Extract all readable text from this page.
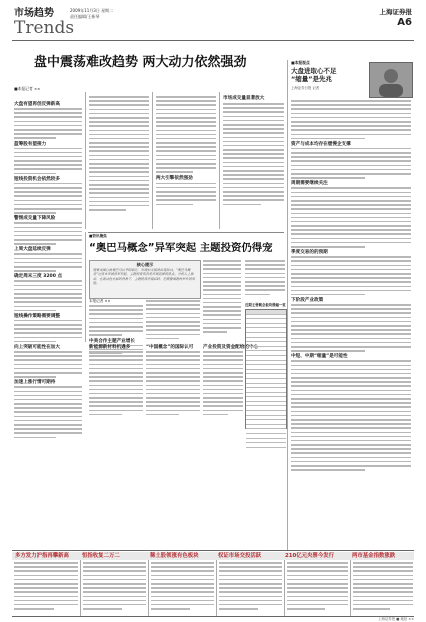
市场趋势	2009年11月3日 星期二
责任编辑/王新琴
Trends
上海证券报
A6
盘中震荡难改趋势 两大动力依然强劲
■本报记者 ××
大盘有望再创反弹新高
蓝筹股有望接力
短线投资机会依然较多
警惕成交量下降风险
上周大盘延续反弹
确定周末三度 3200 点
短线操作策略需要调整
向上突破可能性在加大
加速上涨行情可期待
两大引擎依然强劲
市场成交量显著放大
■本报视点
大盘进取心不足
“缩量”是先兆
上海证券日报 记者
资产与成本均存在缓慢企支撑
周期需要继续关注
季度交易的的预期
下阶段产业政策
中短、中期“缩量”是可能性
■资讯聚焦
“奥巴马概念”异军突起 主题投资仍得宠
核心提示
随着美国总统奥巴马访华的临近，市场相关板块出现异动。“奥巴马概念”在资本市场异军突起，主题投资依然是市场追捧的热点。分析人士指出，在流动性充裕的背景下，主题投资仍将活跃，但需警惕题材炒作的风险。
本报记者 ××
中美合作主题产业增长
新能源新材料机遇多	“中国概念”的国际认可	产业投资及资金配给的中心
近期主要概念板块涨幅一览
多方发力沪指再攀新高 恒指收复二万二	稀土股领涨有色板块	权证市场交投活跃	210亿元央票今发行	两市基金指数涨跌
上海证券报 ■ 地址 ××
